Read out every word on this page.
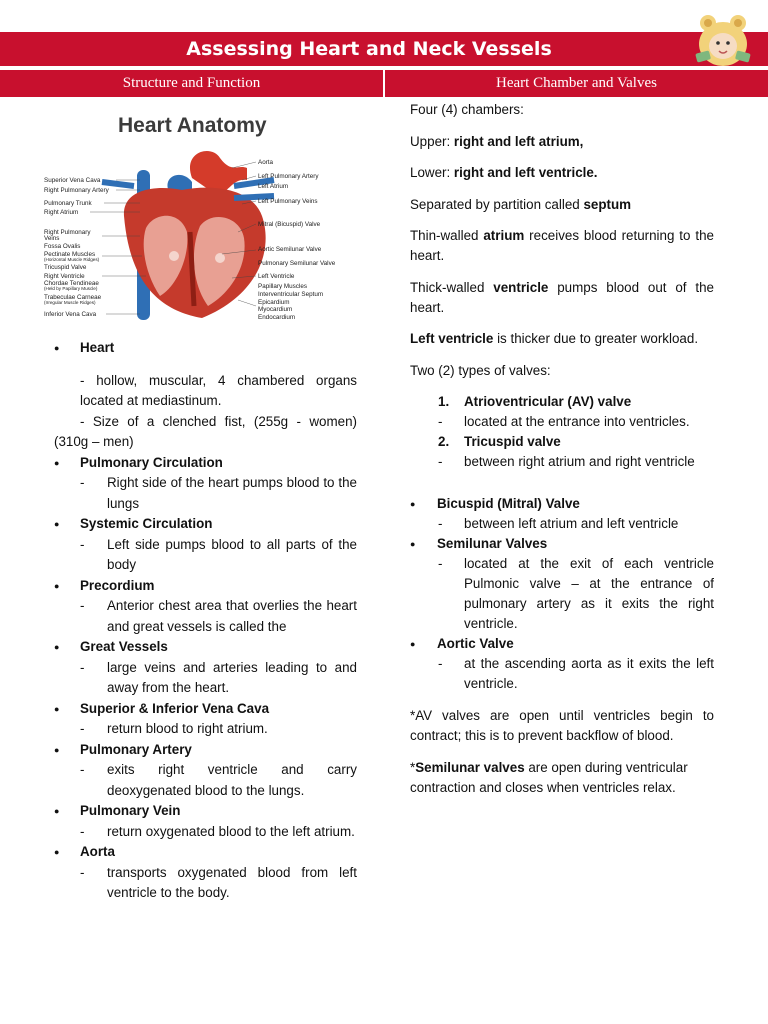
Assessing Heart and Neck Vessels
Structure and Function	Heart Chamber and Valves
Heart Anatomy
Superior Vena Cava
Right Pulmonary Artery
Pulmonary Trunk
Right Atrium
Right Pulmonary
Veins
Fossa Ovalis
Pectinate Muscles
(Horizontal Muscle Ridges)
Tricuspid Valve
Right Ventricle
Chordae Tendineae
(Held by Papillary Muscle)
Trabeculae Carneae
(Irregular Muscle Ridges)
Inferior Vena Cava
Aorta
Left Pulmonary Artery
Left Atrium
Left Pulmonary Veins
Mitral (Bicuspid) Valve
Aortic Semilunar Valve
Pulmonary Semilunar Valve
Left Ventricle
Papillary Muscles
Interventricular Septum
Epicardium
Myocardium
Endocardium
● Heart
- hollow, muscular, 4 chambered organs located at mediastinum.
- Size of a clenched fist, (255g - women) (310g – men)
● Pulmonary Circulation
- Right side of the heart pumps blood to the lungs
● Systemic Circulation
- Left side pumps blood to all parts of the body
● Precordium
- Anterior chest area that overlies the heart and great vessels is called the
● Great Vessels
- large veins and arteries leading to and away from the heart.
● Superior & Inferior Vena Cava
- return blood to right atrium.
● Pulmonary Artery
- exits right ventricle and carry deoxygenated blood to the lungs.
● Pulmonary Vein
- return oxygenated blood to the left atrium.
● Aorta
- transports oxygenated blood from left ventricle to the body.

Four (4) chambers:

Upper: right and left atrium,

Lower: right and left ventricle.

Separated by partition called septum

Thin-walled atrium receives blood returning to the heart.

Thick-walled ventricle pumps blood out of the heart.

Left ventricle is thicker due to greater workload.

Two (2) types of valves:

1. Atrioventricular (AV) valve
- located at the entrance into ventricles.
2. Tricuspid valve
- between right atrium and right ventricle
● Bicuspid (Mitral) Valve
- between left atrium and left ventricle
● Semilunar Valves
- located at the exit of each ventricle Pulmonic valve – at the entrance of pulmonary artery as it exits the right ventricle.
● Aortic Valve
- at the ascending aorta as it exits the left ventricle.

*AV valves are open until ventricles begin to contract; this is to prevent backflow of blood.

*Semilunar valves are open during ventricular contraction and closes when ventricles relax.
